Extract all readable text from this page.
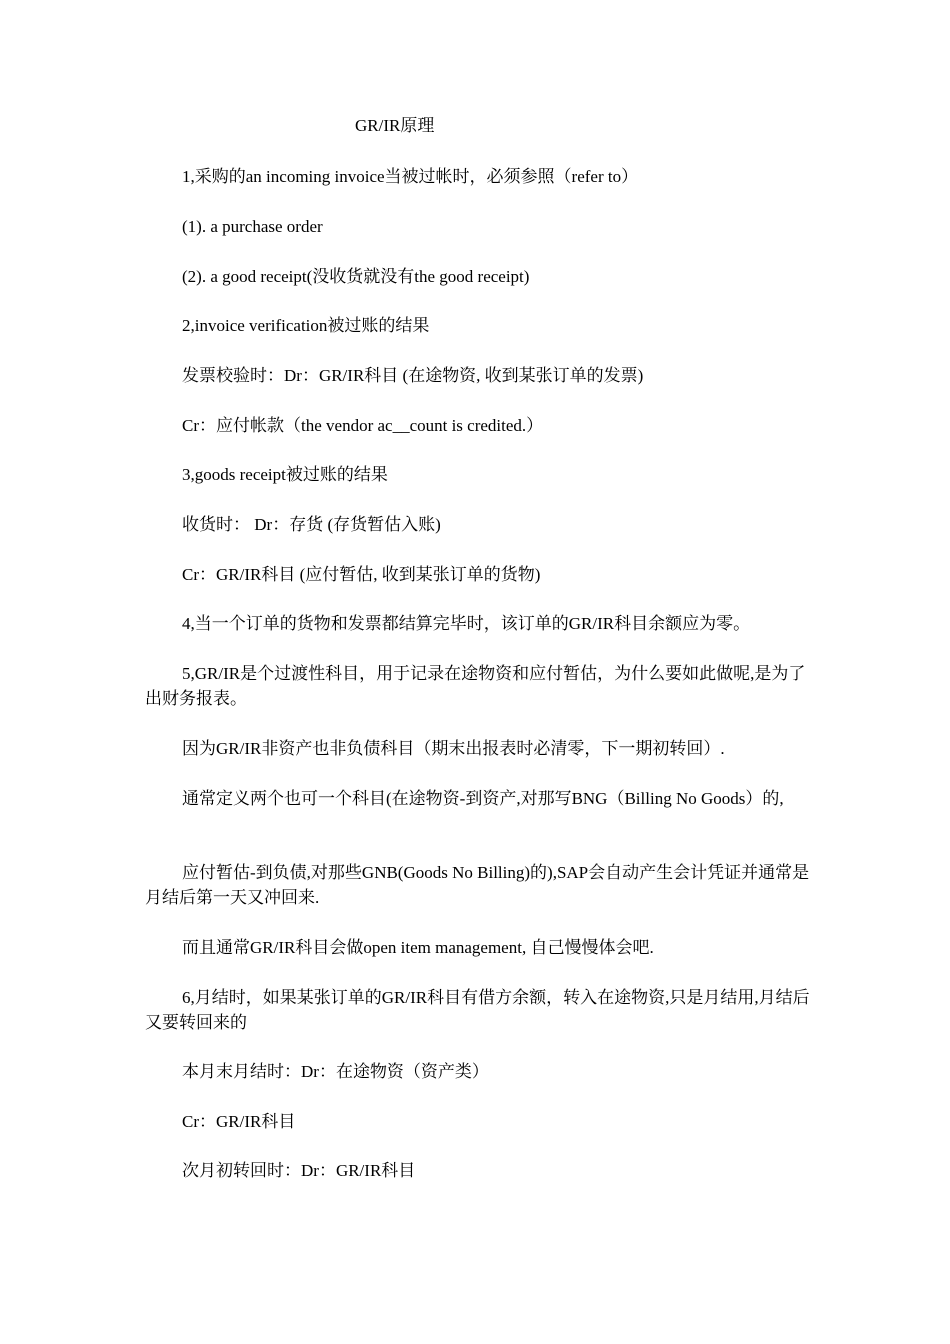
GR/IR原理

1,采购的an incoming invoice当被过帐时，必须参照（refer to）

(1). a purchase order

(2). a good receipt(没收货就没有the good receipt)

2,invoice verification被过账的结果

发票校验时：Dr：GR/IR科目 (在途物资, 收到某张订单的发票)

Cr：应付帐款（the vendor ac__count is credited.）

3,goods receipt被过账的结果

收货时： Dr：存货 (存货暂估入账)

Cr：GR/IR科目 (应付暂估, 收到某张订单的货物)

4,当一个订单的货物和发票都结算完毕时，该订单的GR/IR科目余额应为零。

5,GR/IR是个过渡性科目，用于记录在途物资和应付暂估，为什么要如此做呢,是为了出财务报表。

因为GR/IR非资产也非负债科目（期末出报表时必清零，下一期初转回）.

通常定义两个也可一个科目(在途物资-到资产,对那写BNG（Billing No Goods）的,

应付暂估-到负债,对那些GNB(Goods No Billing)的),SAP会自动产生会计凭证并通常是月结后第一天又冲回来.

而且通常GR/IR科目会做open item management, 自己慢慢体会吧.

6,月结时，如果某张订单的GR/IR科目有借方余额，转入在途物资,只是月结用,月结后又要转回来的

本月末月结时：Dr：在途物资（资产类）

Cr：GR/IR科目

次月初转回时：Dr：GR/IR科目
